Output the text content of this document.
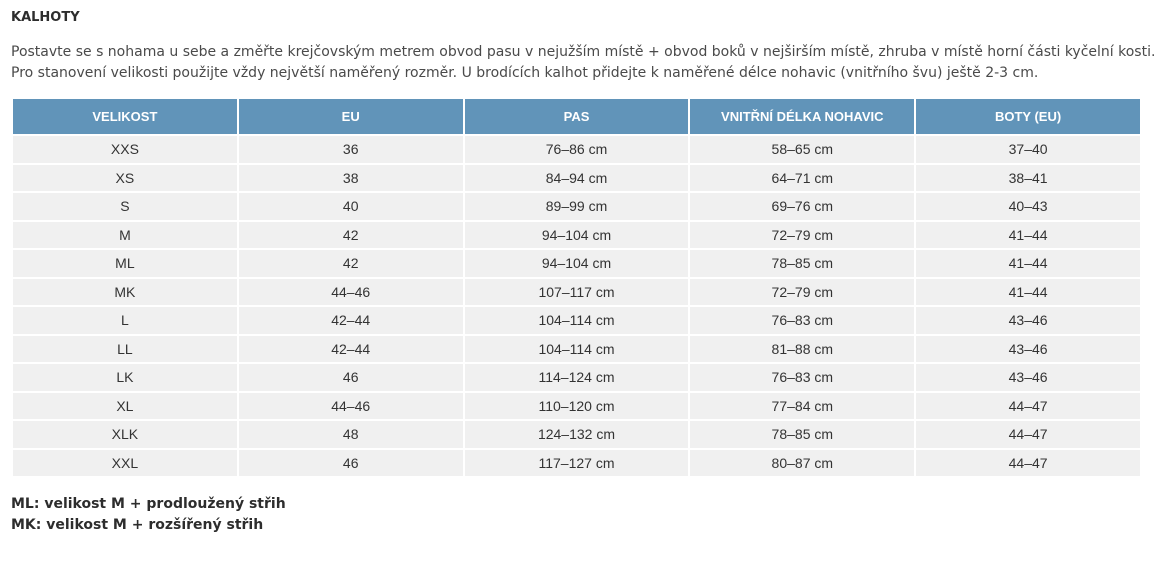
KALHOTY
Postavte se s nohama u sebe a změřte krejčovským metrem obvod pasu v nejužším místě + obvod boků v nejširším místě, zhruba v místě horní části kyčelní kosti.
Pro stanovení velikosti použijte vždy největší naměřený rozměr. U brodících kalhot přidejte k naměřené délce nohavic (vnitřního švu) ještě 2-3 cm.
VELIKOST	EU	PAS	VNITŘNÍ DÉLKA NOHAVIC	BOTY (EU)
XXS	36	76–86 cm	58–65 cm	37–40
XS	38	84–94 cm	64–71 cm	38–41
S	40	89–99 cm	69–76 cm	40–43
M	42	94–104 cm	72–79 cm	41–44
ML	42	94–104 cm	78–85 cm	41–44
MK	44–46	107–117 cm	72–79 cm	41–44
L	42–44	104–114 cm	76–83 cm	43–46
LL	42–44	104–114 cm	81–88 cm	43–46
LK	46	114–124 cm	76–83 cm	43–46
XL	44–46	110–120 cm	77–84 cm	44–47
XLK	48	124–132 cm	78–85 cm	44–47
XXL	46	117–127 cm	80–87 cm	44–47
ML: velikost M + prodloužený střih
MK: velikost M + rozšířený střih
